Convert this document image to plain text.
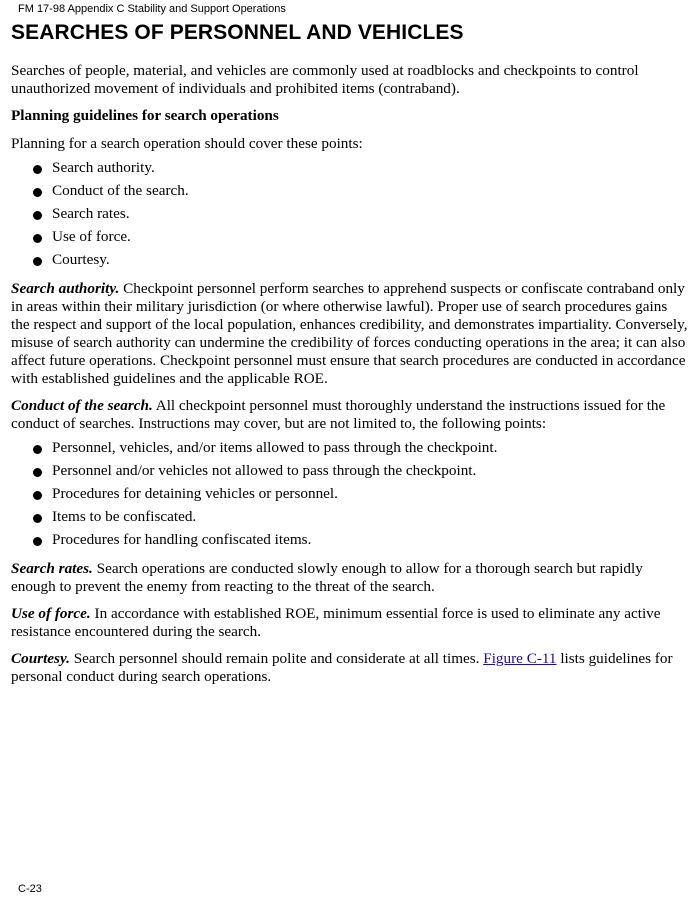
FM 17-98 Appendix C Stability and Support Operations
SEARCHES OF PERSONNEL AND VEHICLES

Searches of people, material, and vehicles are commonly used at roadblocks and checkpoints to control unauthorized movement of individuals and prohibited items (contraband).

Planning guidelines for search operations

Planning for a search operation should cover these points:

Search authority.
Conduct of the search.
Search rates.
Use of force.
Courtesy.

Search authority. Checkpoint personnel perform searches to apprehend suspects or confiscate contraband only in areas within their military jurisdiction (or where otherwise lawful). Proper use of search procedures gains the respect and support of the local population, enhances credibility, and demonstrates impartiality. Conversely, misuse of search authority can undermine the credibility of forces conducting operations in the area; it can also affect future operations. Checkpoint personnel must ensure that search procedures are conducted in accordance with established guidelines and the applicable ROE.

Conduct of the search. All checkpoint personnel must thoroughly understand the instructions issued for the conduct of searches. Instructions may cover, but are not limited to, the following points:

Personnel, vehicles, and/or items allowed to pass through the checkpoint.
Personnel and/or vehicles not allowed to pass through the checkpoint.
Procedures for detaining vehicles or personnel.
Items to be confiscated.
Procedures for handling confiscated items.

Search rates. Search operations are conducted slowly enough to allow for a thorough search but rapidly enough to prevent the enemy from reacting to the threat of the search.

Use of force. In accordance with established ROE, minimum essential force is used to eliminate any active resistance encountered during the search.

Courtesy. Search personnel should remain polite and considerate at all times. Figure C-11 lists guidelines for personal conduct during search operations.

C-23
